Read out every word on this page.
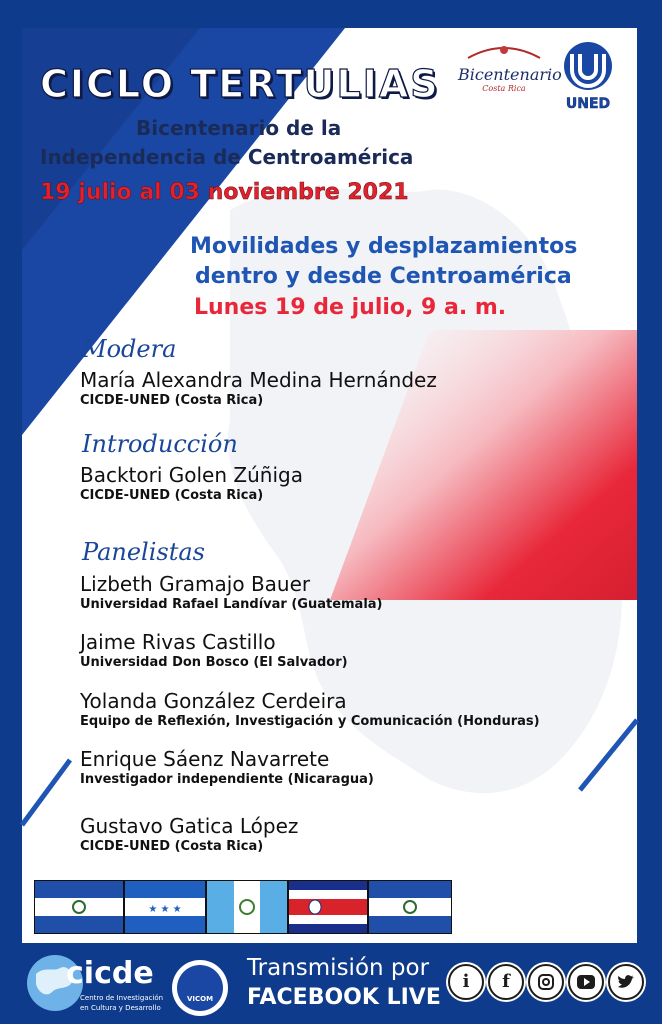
CICLO TERTULIAS
Bicentenario de la
Independencia de Centroamérica
19 julio al 03 noviembre 2021
Bicentenario
Costa Rica
UNED
Movilidades y desplazamientos
dentro y desde Centroamérica
Lunes 19 de julio, 9 a. m.
Modera
María Alexandra Medina Hernández
CICDE-UNED (Costa Rica)
Introducción
Backtori Golen Zúñiga
CICDE-UNED (Costa Rica)
Panelistas
Lizbeth Gramajo Bauer
Universidad Rafael Landívar (Guatemala)
Jaime Rivas Castillo
Universidad Don Bosco (El Salvador)
Yolanda González Cerdeira
Equipo de Reflexión, Investigación y Comunicación (Honduras)
Enrique Sáenz Navarrete
Investigador independiente (Nicaragua)
Gustavo Gatica López
CICDE-UNED (Costa Rica)
★ ★ ★
cicde
Centro de Investigación
en Cultura y Desarrollo
VICOM
Transmisión por
FACEBOOK LIVE
i f
